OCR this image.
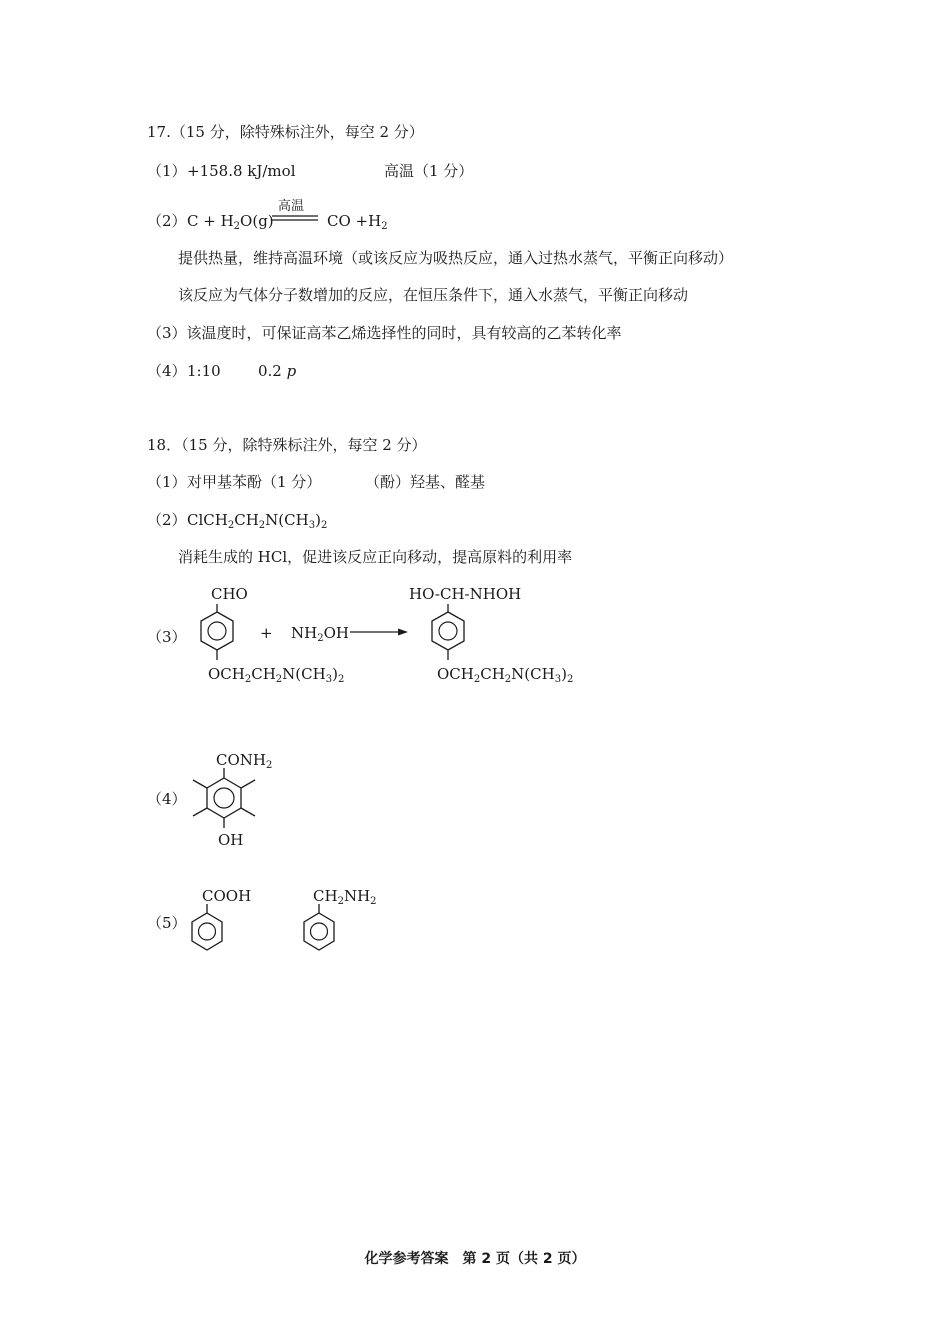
17.（15 分，除特殊标注外，每空 2 分）
（1） +158.8 kJ/mol	高温（1 分）
（2） $C + H_2O(g)$
高温
CO $+H_2$
提供热量，维持高温环境（或该反应为吸热反应，通入过热水蒸气，平衡正向移动）
该反应为气体分子数增加的反应，在恒压条件下，通入水蒸气，平衡正向移动
（3）该温度时，可保证高苯乙烯选择性的同时，具有较高的乙苯转化率
（4） 1:10 0.2 p
18．（15 分，除特殊标注外，每空 2 分）
（1） 对甲基苯酚（1 分）	（酚）羟基、醛基
（2） $ClCH_2CH_2N(CH_3)_2$
消耗生成的 HCl，促进该反应正向移动，提高原料的利用率
（3）
CHO
$OCH_2CH_2N(CH_3)_2$
+ $NH_2OH$ →
HO-CH-NHOH
$OCH_2CH_2N(CH_3)_2$
（4）
$CONH_2$
OH
（5）
COOH	$CH_2NH_2$
化学参考答案　第 2 页（共 2 页）
